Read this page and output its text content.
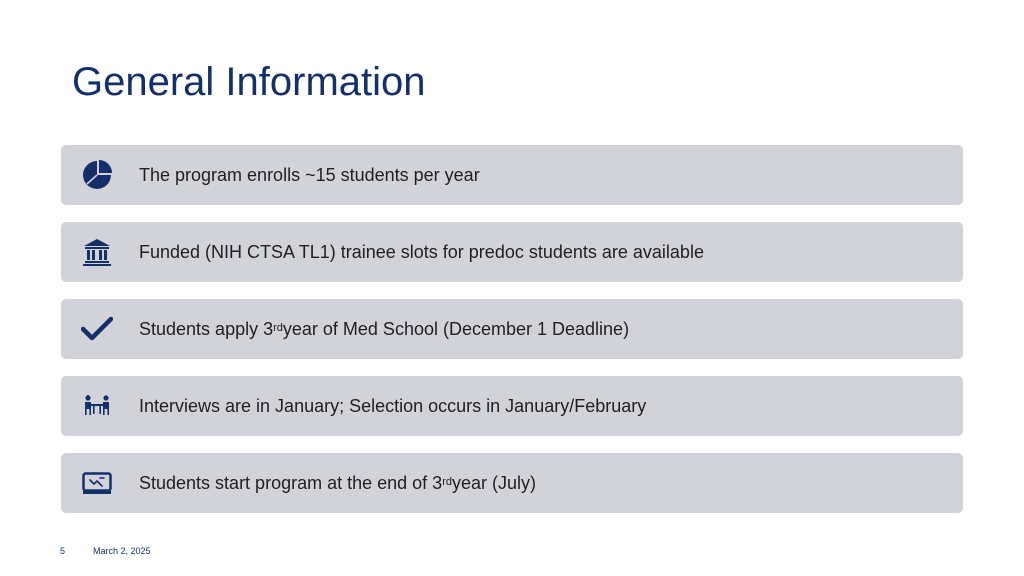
General Information
The program enrolls ~15 students per year
Funded (NIH CTSA TL1) trainee slots for predoc students are available
Students apply 3rd year of Med School (December 1 Deadline)
Interviews are in January; Selection occurs in January/February
Students start program at the end of 3rd year (July)
5	March 2, 2025
